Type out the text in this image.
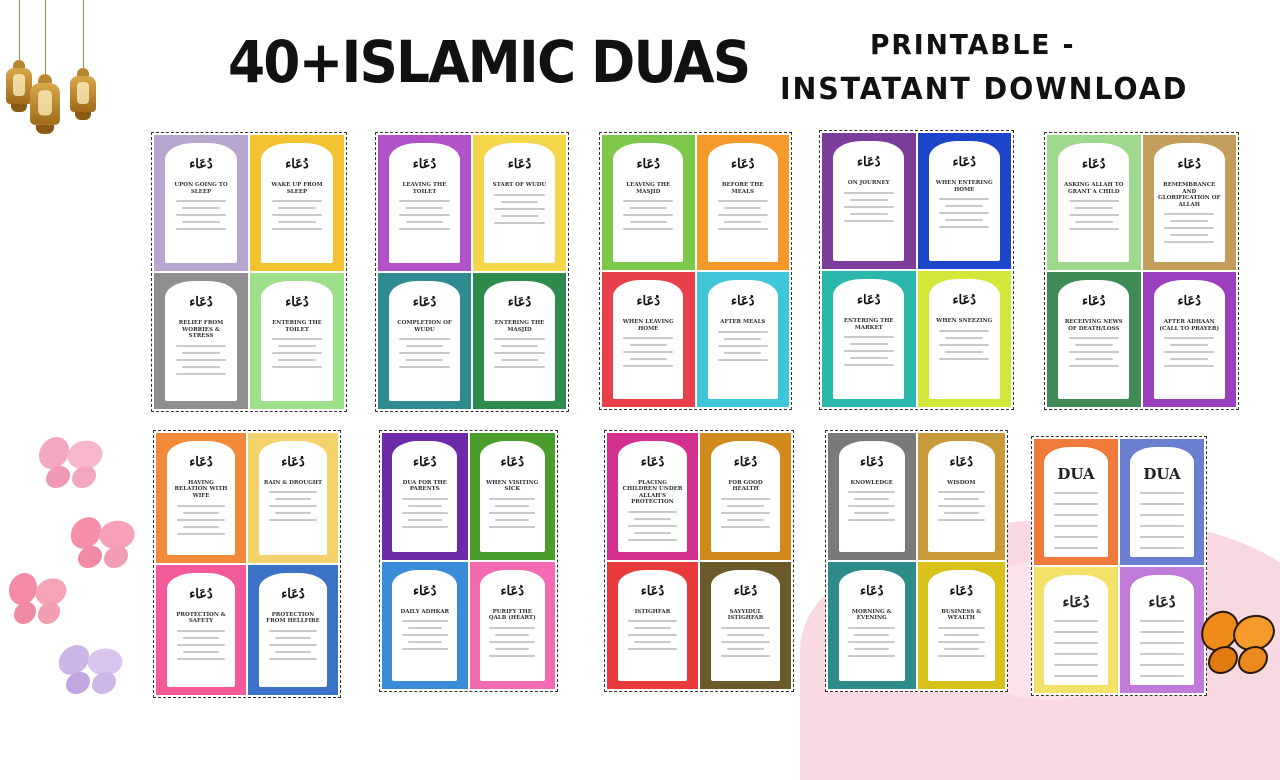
40+ISLAMIC DUAS	PRINTABLE -
INSTATANT DOWNLOAD
دُعَاء
UPON GOING TO SLEEP
دُعَاء
WAKE UP FROM SLEEP
دُعَاء
RELIEF FROM WORRIES & STRESS
دُعَاء
ENTERING THE TOILET
دُعَاء
LEAVING THE TOILET
دُعَاء
START OF WUDU
دُعَاء
COMPLETION OF WUDU
دُعَاء
ENTERING THE MASJID
دُعَاء
LEAVING THE MASJID
دُعَاء
BEFORE THE MEALS
دُعَاء
WHEN LEAVING HOME
دُعَاء
AFTER MEALS
دُعَاء
ON JOURNEY
دُعَاء
WHEN ENTERING HOME
دُعَاء
ENTERING THE MARKET
دُعَاء
WHEN SNEEZING
دُعَاء
ASKING ALLAH TO GRANT A CHILD
دُعَاء
REMEMBRANCE AND GLORIFICATION OF ALLAH
دُعَاء
RECEIVING NEWS OF DEATH/LOSS
دُعَاء
AFTER ADHAAN (CALL TO PRAYER)
دُعَاء
HAVING RELATION WITH WIFE
دُعَاء
RAIN & DROUGHT
دُعَاء
PROTECTION & SAFETY
دُعَاء
PROTECTION FROM HELLFIRE
دُعَاء
DUA FOR THE PARENTS
دُعَاء
WHEN VISITING SICK
دُعَاء
DAILY ADHKAR
دُعَاء
PURIFY THE QALB (HEART)
دُعَاء
PLACING CHILDREN UNDER ALLAH'S PROTECTION
دُعَاء
FOR GOOD HEALTH
دُعَاء
ISTIGHFAR
دُعَاء
SAYYIDUL ISTIGHFAR
دُعَاء
KNOWLEDGE
دُعَاء
WISDOM
دُعَاء
MORNING & EVENING
دُعَاء
BUSINESS & WEALTH
DUA	DUA
دُعَاء	دُعَاء
